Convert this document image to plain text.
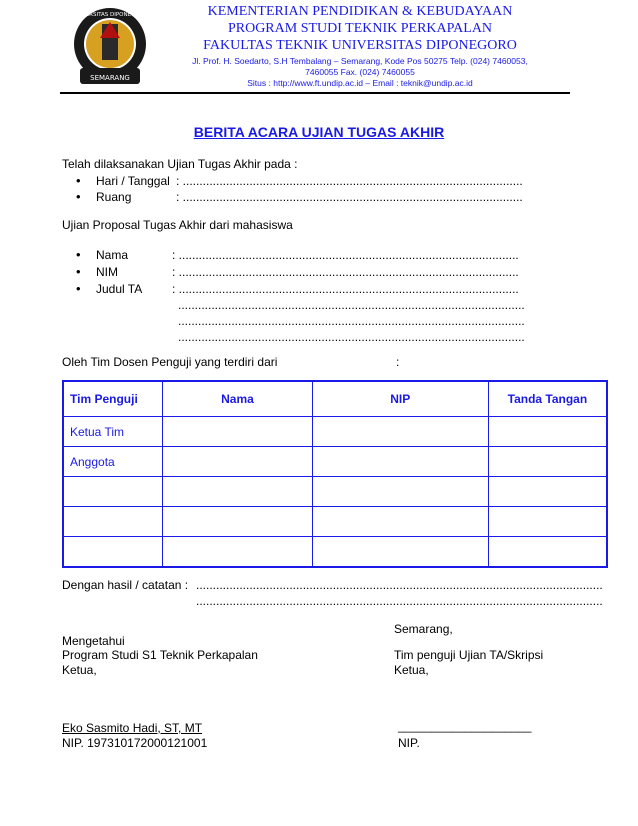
SEMARANG
UNIVERSITAS DIPONEGORO	KEMENTERIAN PENDIDIKAN & KEBUDAYAAN
PROGRAM STUDI TEKNIK PERKAPALAN
FAKULTAS TEKNIK UNIVERSITAS DIPONEGORO
Jl. Prof. H. Soedarto, S.H Tembalang – Semarang, Kode Pos 50275 Telp. (024) 7460053,
7460055 Fax. (024) 7460055
Situs : http://www.ft.undip.ac.id – Email : teknik@undip.ac.id
BERITA ACARA UJIAN TUGAS AKHIR
Telah dilaksanakan Ujian Tugas Akhir pada :
• Hari / Tanggal : ......................................................................................................
• Ruang	: ......................................................................................................
Ujian Proposal Tugas Akhir dari mahasiswa
• Nama	: ......................................................................................................
• NIM	: ......................................................................................................
• Judul TA : ......................................................................................................
........................................................................................................
........................................................................................................
........................................................................................................
Oleh Tim Dosen Penguji yang terdiri dari	:
Tim Penguji	Nama	NIP	Tanda Tangan
Ketua Tim			
Anggota			

Dengan hasil / catatan : ..........................................................................................................................
..........................................................................................................................
Semarang,
Mengetahui
Program Studi S1 Teknik Perkapalan
Ketua,
Tim penguji Ujian TA/Skripsi
Ketua,
Eko Sasmito Hadi, ST, MT
NIP. 197310172000121001
____________________
NIP.
